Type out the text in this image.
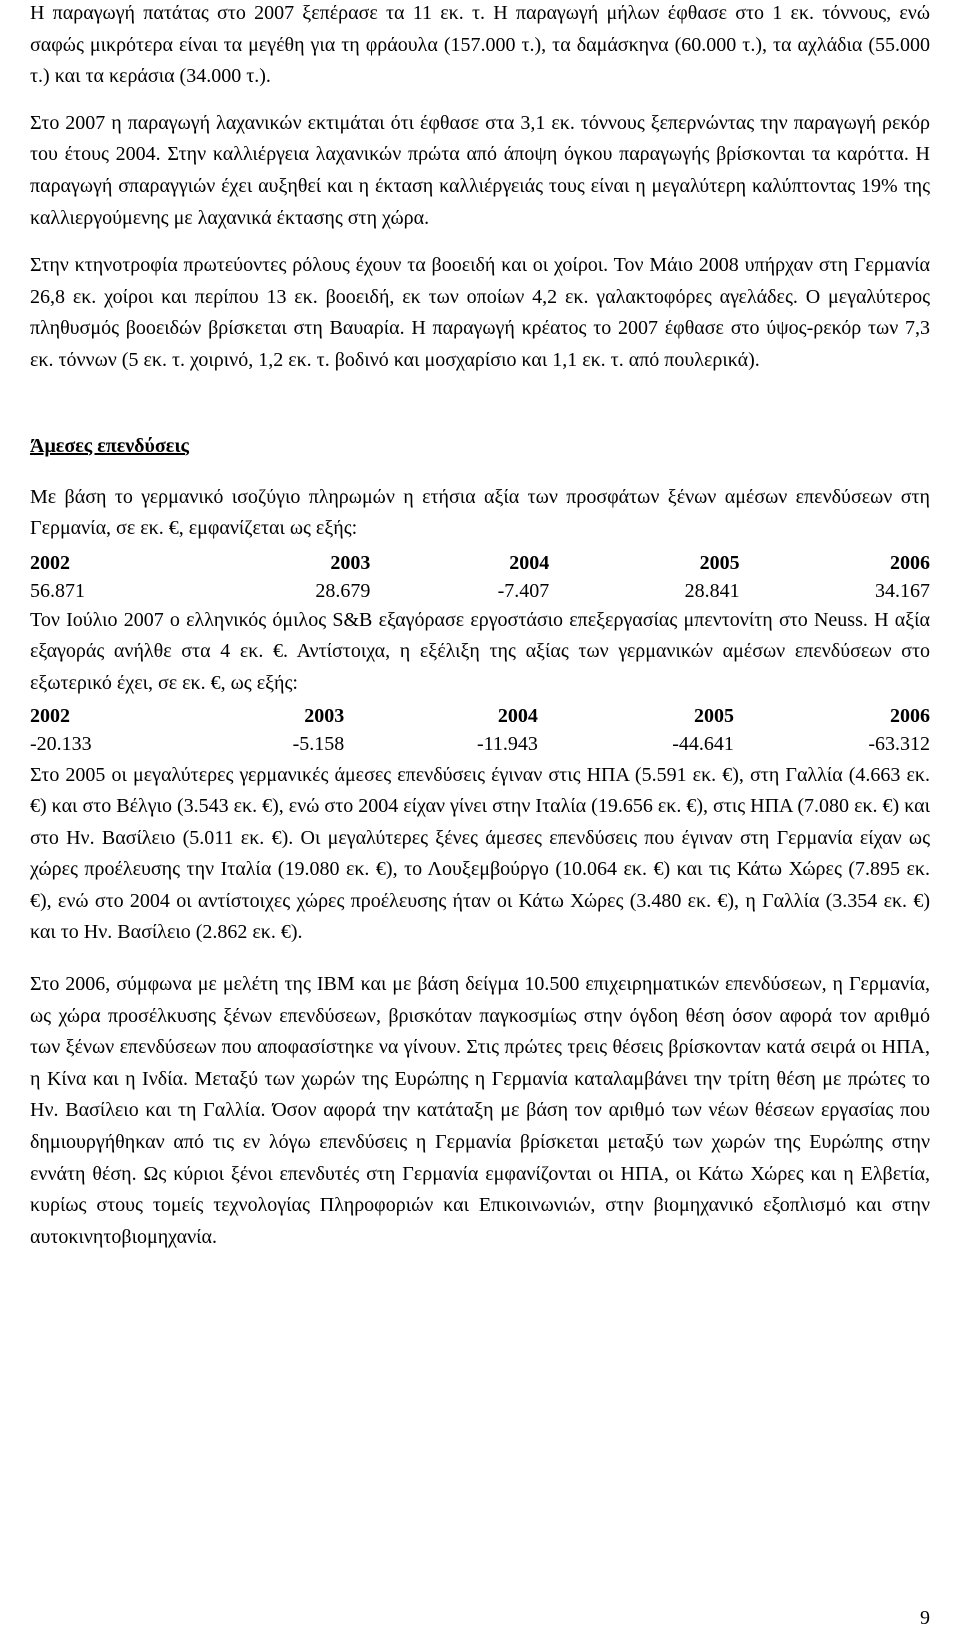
Η παραγωγή πατάτας στο 2007 ξεπέρασε τα 11 εκ. τ. Η παραγωγή μήλων έφθασε στο 1 εκ. τόννους, ενώ σαφώς μικρότερα είναι τα μεγέθη για τη φράουλα (157.000 τ.), τα δαμάσκηνα (60.000 τ.), τα αχλάδια (55.000 τ.) και τα κεράσια (34.000 τ.).

Στο 2007 η παραγωγή λαχανικών εκτιμάται ότι έφθασε στα 3,1 εκ. τόννους ξεπερνώντας την παραγωγή ρεκόρ του έτους 2004. Στην καλλιέργεια λαχανικών πρώτα από άποψη όγκου παραγωγής βρίσκονται τα καρόττα. Η παραγωγή σπαραγγιών έχει αυξηθεί και η έκταση καλλιέργειάς τους είναι η μεγαλύτερη καλύπτοντας 19% της καλλιεργούμενης με λαχανικά έκτασης στη χώρα.

Στην κτηνοτροφία πρωτεύοντες ρόλους έχουν τα βοοειδή και οι χοίροι. Τον Μάιο 2008 υπήρχαν στη Γερμανία 26,8 εκ. χοίροι και περίπου 13 εκ. βοοειδή, εκ των οποίων 4,2 εκ. γαλακτοφόρες αγελάδες. Ο μεγαλύτερος πληθυσμός βοοειδών βρίσκεται στη Βαυαρία. Η παραγωγή κρέατος το 2007 έφθασε στο ύψος-ρεκόρ των 7,3 εκ. τόννων (5 εκ. τ. χοιρινό, 1,2 εκ. τ. βοδινό και μοσχαρίσιο και 1,1 εκ. τ. από πουλερικά).

Άμεσες επενδύσεις

Με βάση το γερμανικό ισοζύγιο πληρωμών η ετήσια αξία των προσφάτων ξένων αμέσων επενδύσεων στη Γερμανία, σε εκ. €, εμφανίζεται ως εξής:

2002	2003	2004	2005	2006
56.871	28.679	-7.407	28.841	34.167

Τον Ιούλιο 2007 ο ελληνικός όμιλος S&B εξαγόρασε εργοστάσιο επεξεργασίας μπεντονίτη στο Neuss. Η αξία εξαγοράς ανήλθε στα 4 εκ. €. Αντίστοιχα, η εξέλιξη της αξίας των γερμανικών αμέσων επενδύσεων στο εξωτερικό έχει, σε εκ. €, ως εξής:

2002	2003	2004	2005	2006
-20.133	-5.158	-11.943	-44.641	-63.312

Στο 2005 οι μεγαλύτερες γερμανικές άμεσες επενδύσεις έγιναν στις ΗΠΑ (5.591 εκ. €), στη Γαλλία (4.663 εκ. €) και στο Βέλγιο (3.543 εκ. €), ενώ στο 2004 είχαν γίνει στην Ιταλία (19.656 εκ. €), στις ΗΠΑ (7.080 εκ. €) και στο Ην. Βασίλειο (5.011 εκ. €). Οι μεγαλύτερες ξένες άμεσες επενδύσεις που έγιναν στη Γερμανία είχαν ως χώρες προέλευσης την Ιταλία (19.080 εκ. €), το Λουξεμβούργο (10.064 εκ. €) και τις Κάτω Χώρες (7.895 εκ. €), ενώ στο 2004 οι αντίστοιχες χώρες προέλευσης ήταν οι Κάτω Χώρες (3.480 εκ. €), η Γαλλία (3.354 εκ. €) και το Ην. Βασίλειο (2.862 εκ. €).

Στο 2006, σύμφωνα με μελέτη της IBM και με βάση δείγμα 10.500 επιχειρηματικών επενδύσεων, η Γερμανία, ως χώρα προσέλκυσης ξένων επενδύσεων, βρισκόταν παγκοσμίως στην όγδοη θέση όσον αφορά τον αριθμό των ξένων επενδύσεων που αποφασίστηκε να γίνουν. Στις πρώτες τρεις θέσεις βρίσκονταν κατά σειρά οι ΗΠΑ, η Κίνα και η Ινδία. Μεταξύ των χωρών της Ευρώπης η Γερμανία καταλαμβάνει την τρίτη θέση με πρώτες το Ην. Βασίλειο και τη Γαλλία. Όσον αφορά την κατάταξη με βάση τον αριθμό των νέων θέσεων εργασίας που δημιουργήθηκαν από τις εν λόγω επενδύσεις η Γερμανία βρίσκεται μεταξύ των χωρών της Ευρώπης στην εννάτη θέση. Ως κύριοι ξένοι επενδυτές στη Γερμανία εμφανίζονται οι ΗΠΑ, οι Κάτω Χώρες και η Ελβετία, κυρίως στους τομείς τεχνολογίας Πληροφοριών και Επικοινωνιών, στην βιομηχανικό εξοπλισμό και στην αυτοκινητοβιομηχανία.

9
